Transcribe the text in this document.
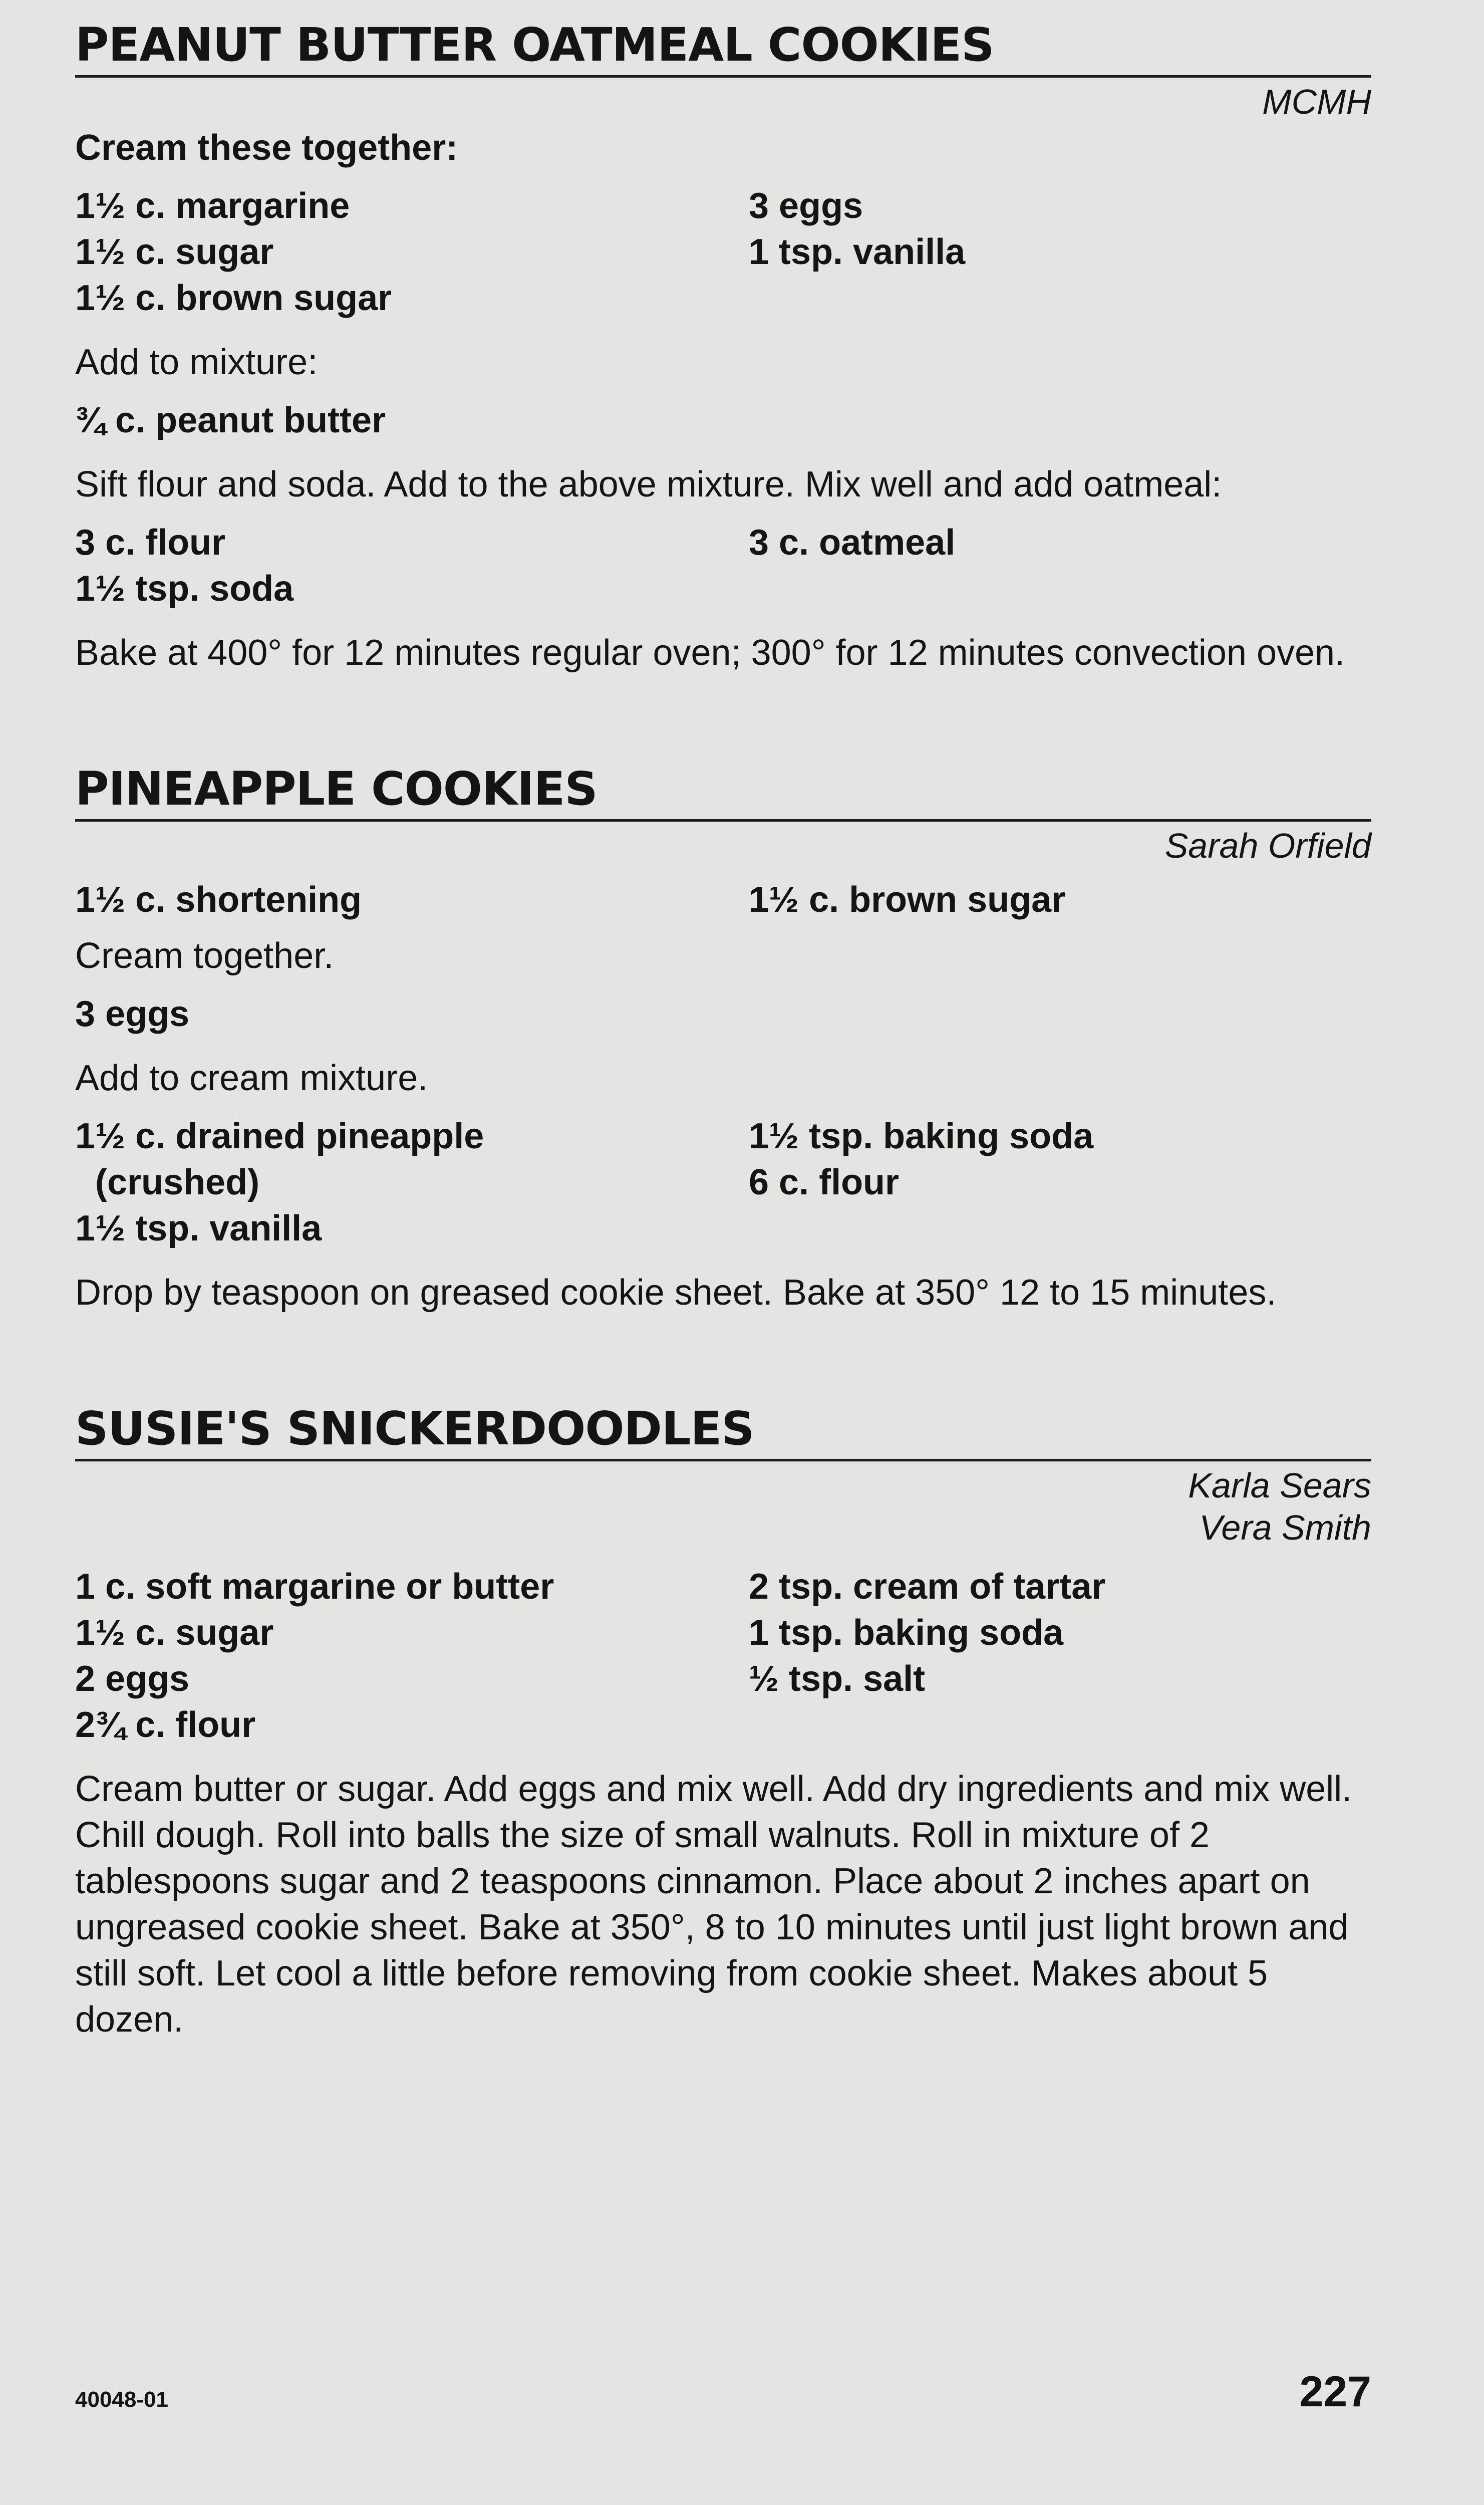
PEANUT BUTTER OATMEAL COOKIES
MCMH

Cream these together:

1½ c. margarine
1½ c. sugar
1½ c. brown sugar
3 eggs
1 tsp. vanilla

Add to mixture:

¾ c. peanut butter

Sift flour and soda. Add to the above mixture. Mix well and add oatmeal:

3 c. flour
1½ tsp. soda
3 c. oatmeal

Bake at 400° for 12 minutes regular oven; 300° for 12 minutes convection oven.

PINEAPPLE COOKIES
Sarah Orfield
1½ c. shortening	1½ c. brown sugar

Cream together.

3 eggs

Add to cream mixture.

1½ c. drained pineapple
(crushed)
1½ tsp. vanilla
1½ tsp. baking soda
6 c. flour

Drop by teaspoon on greased cookie sheet. Bake at 350° 12 to 15 minutes.

SUSIE'S SNICKERDOODLES
Karla Sears
Vera Smith
1 c. soft margarine or butter
1½ c. sugar
2 eggs
2¾ c. flour
2 tsp. cream of tartar
1 tsp. baking soda
½ tsp. salt

Cream butter or sugar. Add eggs and mix well. Add dry ingredients and mix well. Chill dough. Roll into balls the size of small walnuts. Roll in mixture of 2 tablespoons sugar and 2 teaspoons cinnamon. Place about 2 inches apart on ungreased cookie sheet. Bake at 350°, 8 to 10 minutes until just light brown and still soft. Let cool a little before removing from cookie sheet. Makes about 5 dozen.

40048-01	227
